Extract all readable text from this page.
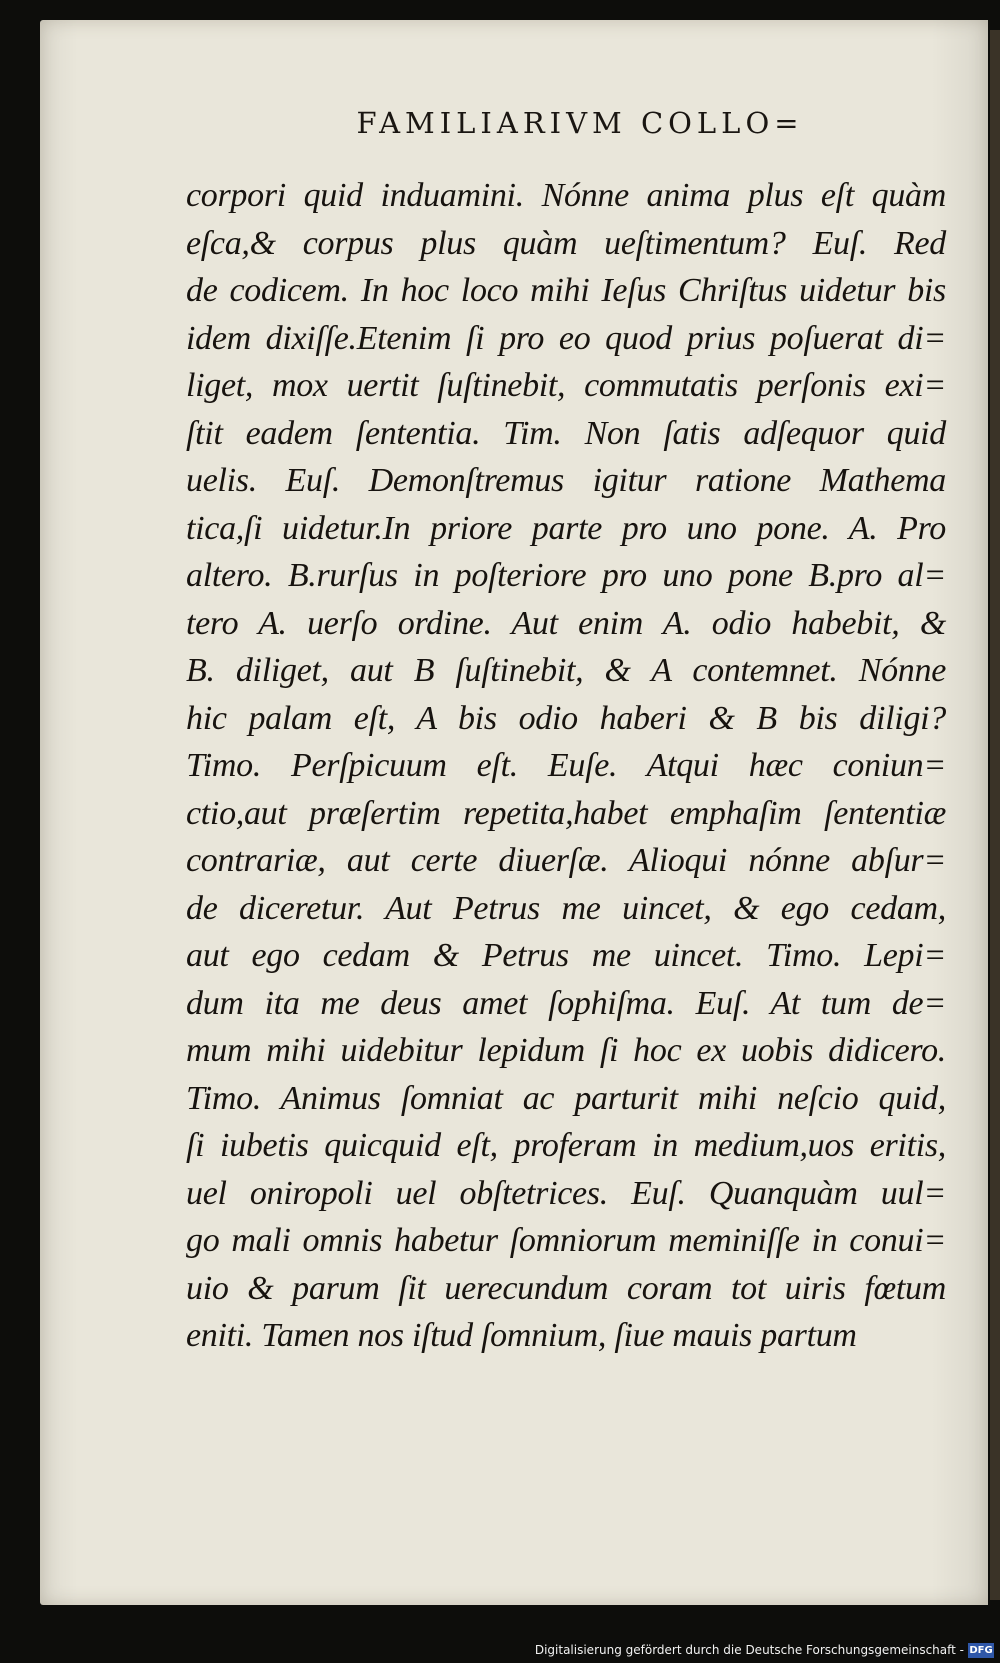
FAMILIARIVM COLLO=
corpori quid induamini. Nónne anima plus eſt quàm
eſca,& corpus plus quàm ueſtimentum? Euſ. Red
de codicem. In hoc loco mihi Ieſus Chriſtus uidetur bis
idem dixiſſe.Etenim ſi pro eo quod prius poſuerat di=
liget, mox uertit ſuſtinebit, commutatis perſonis exi=
ſtit eadem ſententia. Tim. Non ſatis adſequor quid
uelis. Euſ. Demonſtremus igitur ratione Mathema
tica,ſi uidetur.In priore parte pro uno pone. A. Pro
altero. B.rurſus in poſteriore pro uno pone B.pro al=
tero A. uerſo ordine. Aut enim A. odio habebit, &
B. diliget, aut B ſuſtinebit, & A contemnet. Nónne
hic palam eſt, A bis odio haberi & B bis diligi?
Timo. Perſpicuum eſt. Euſe. Atqui hæc coniun=
ctio,aut præſertim repetita,habet emphaſim ſententiæ
contrariæ, aut certe diuerſæ. Alioqui nónne abſur=
de diceretur. Aut Petrus me uincet, & ego cedam,
aut ego cedam & Petrus me uincet. Timo. Lepi=
dum ita me deus amet ſophiſma. Euſ. At tum de=
mum mihi uidebitur lepidum ſi hoc ex uobis didicero.
Timo. Animus ſomniat ac parturit mihi neſcio quid,
ſi iubetis quicquid eſt, proferam in medium,uos eritis,
uel oniropoli uel obſtetrices. Euſ. Quanquàm uul=
go mali omnis habetur ſomniorum meminiſſe in conui=
uio & parum ſit uerecundum coram tot uiris fœtum
eniti. Tamen nos iſtud ſomnium, ſiue mauis partum
Digitalisierung gefördert durch die Deutsche Forschungsgemeinschaft - DFG
